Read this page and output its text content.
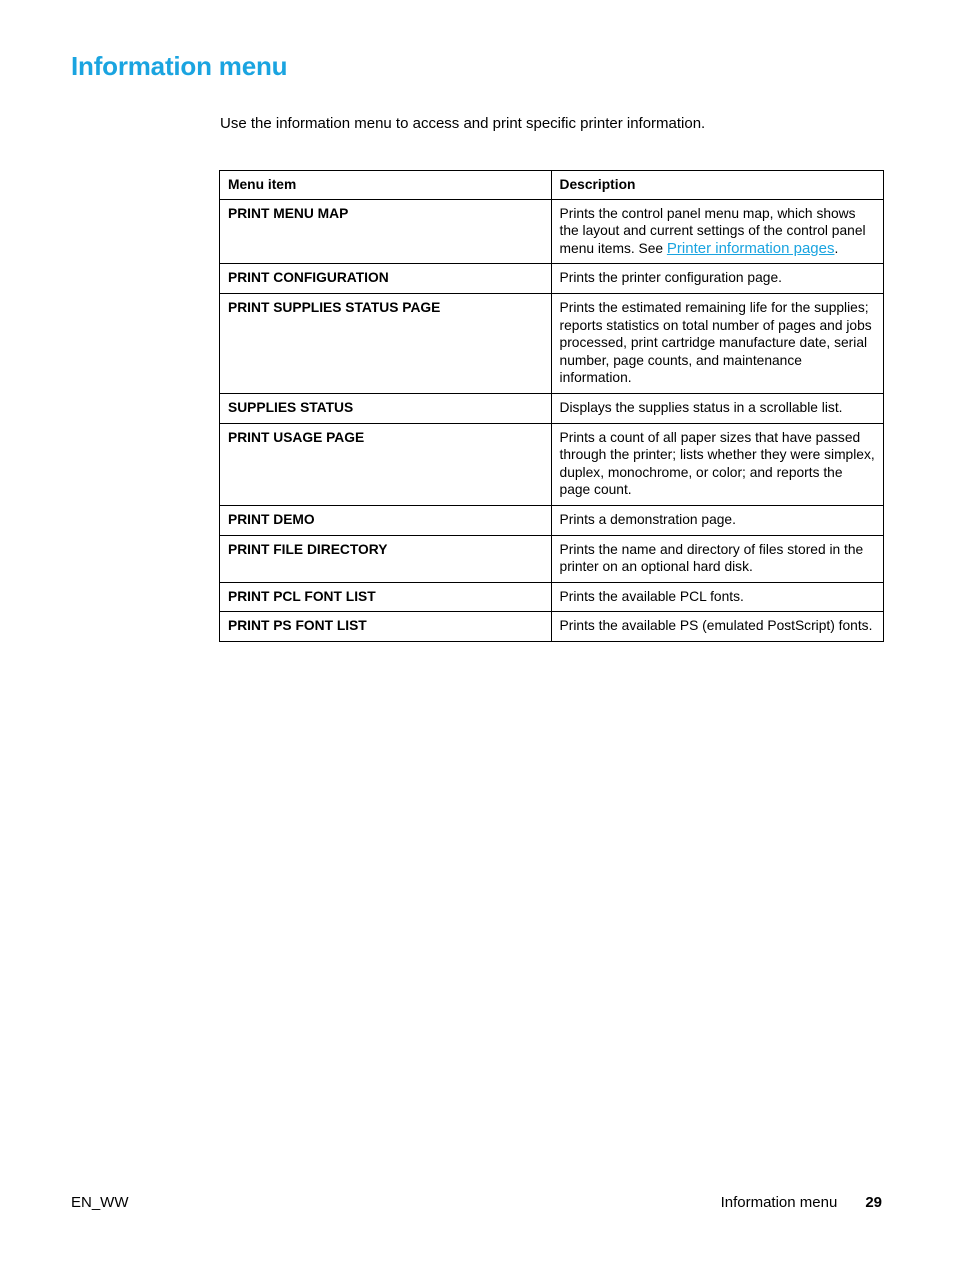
Information menu

Use the information menu to access and print specific printer information.

Menu item	Description
PRINT MENU MAP	Prints the control panel menu map, which shows the layout and current settings of the control panel menu items. See Printer information pages.
PRINT CONFIGURATION	Prints the printer configuration page.
PRINT SUPPLIES STATUS PAGE	Prints the estimated remaining life for the supplies; reports statistics on total number of pages and jobs processed, print cartridge manufacture date, serial number, page counts, and maintenance information.
SUPPLIES STATUS	Displays the supplies status in a scrollable list.
PRINT USAGE PAGE	Prints a count of all paper sizes that have passed through the printer; lists whether they were simplex, duplex, monochrome, or color; and reports the page count.
PRINT DEMO	Prints a demonstration page.
PRINT FILE DIRECTORY	Prints the name and directory of files stored in the printer on an optional hard disk.
PRINT PCL FONT LIST	Prints the available PCL fonts.
PRINT PS FONT LIST	Prints the available PS (emulated PostScript) fonts.
EN_WW	Information menu 29
